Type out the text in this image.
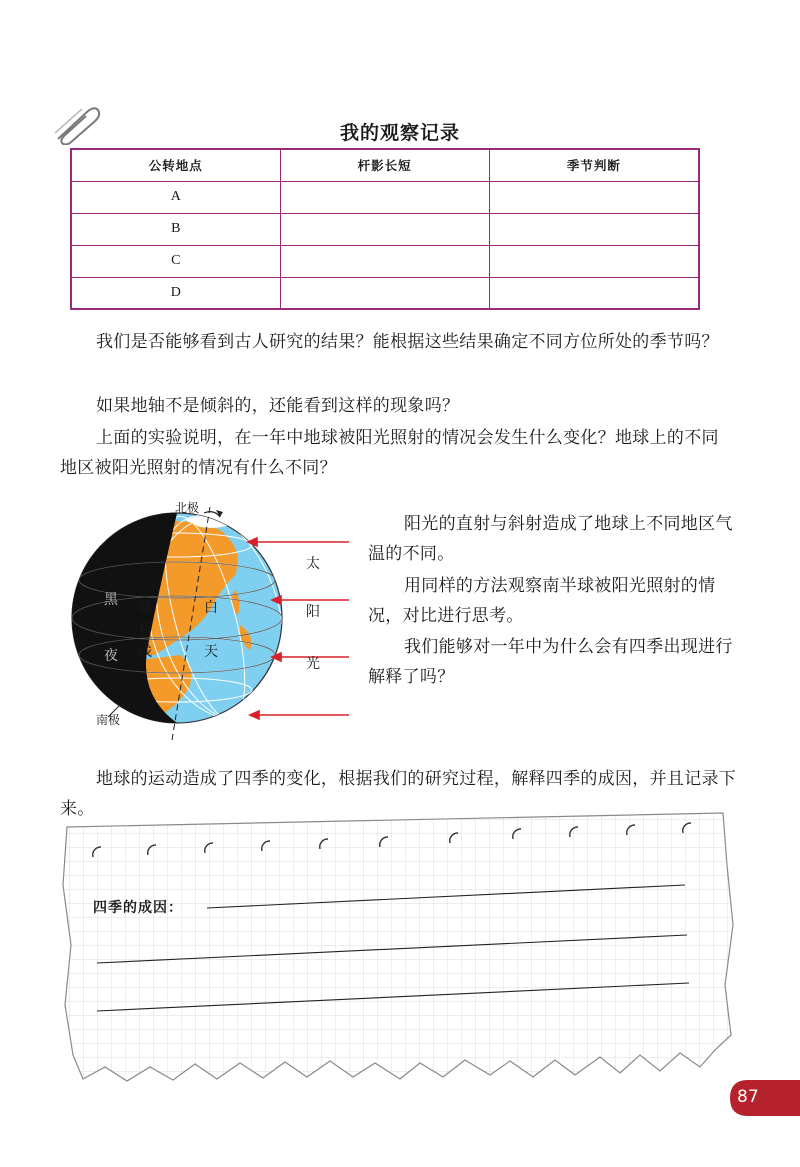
我的观察记录
公转地点	杆影长短	季节判断
A		
B		
C		
D		
我们是否能够看到古人研究的结果？能根据这些结果确定不同方位所处的季节吗？
如果地轴不是倾斜的，还能看到这样的现象吗？
上面的实验说明，在一年中地球被阳光照射的情况会发生什么变化？地球上的不同地区被阳光照射的情况有什么不同？
北极
南极
黑
夜
晨
昏
线
白
天
太
阳
光
阳光的直射与斜射造成了地球上不同地区气温的不同。
用同样的方法观察南半球被阳光照射的情况，对比进行思考。
我们能够对一年中为什么会有四季出现进行解释了吗？
地球的运动造成了四季的变化，根据我们的研究过程，解释四季的成因，并且记录下来。
四季的成因：
87
